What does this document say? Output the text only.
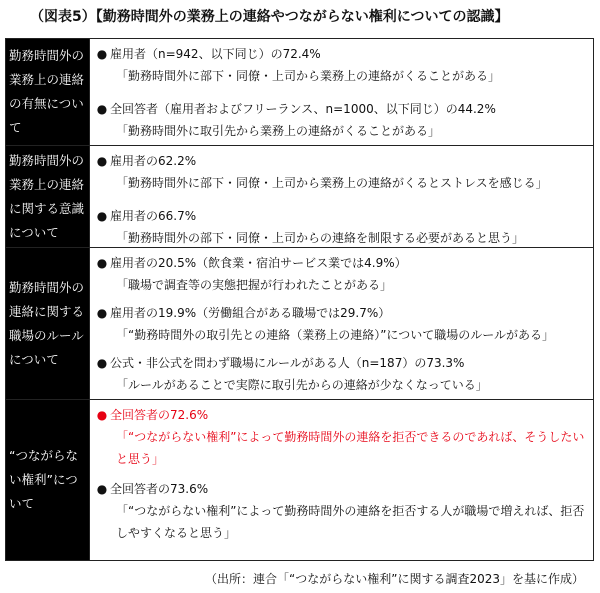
（図表5）【勤務時間外の業務上の連絡やつながらない権利についての認識】
勤務時間外の
業務上の連絡
の有無につい
て
● 雇用者（n=942、以下同じ）の72.4%
「勤務時間外に部下・同僚・上司から業務上の連絡がくることがある」
● 全回答者（雇用者およびフリーランス、n=1000、以下同じ）の44.2%
「勤務時間外に取引先から業務上の連絡がくることがある」
勤務時間外の
業務上の連絡
に関する意識
について
● 雇用者の62.2%
「勤務時間外に部下・同僚・上司から業務上の連絡がくるとストレスを感じる」
● 雇用者の66.7%
「勤務時間外の部下・同僚・上司からの連絡を制限する必要があると思う」
勤務時間外の
連絡に関する
職場のルール
について
● 雇用者の20.5%（飲食業・宿泊サービス業では4.9%）
「職場で調査等の実態把握が行われたことがある」
● 雇用者の19.9%（労働組合がある職場では29.7%）
「“勤務時間外の取引先との連絡（業務上の連絡）”について職場のルールがある」
● 公式・非公式を問わず職場にルールがある人（n=187）の73.3%
「ルールがあることで実際に取引先からの連絡が少なくなっている」
“つながらな
い権利”につ
いて
● 全回答者の72.6%
「“つながらない権利”によって勤務時間外の連絡を拒否できるのであれば、そうしたいと思う」
● 全回答者の73.6%
「“つながらない権利”によって勤務時間外の連絡を拒否する人が職場で増えれば、拒否しやすくなると思う」
（出所：連合「“つながらない権利”に関する調査2023」を基に作成）
